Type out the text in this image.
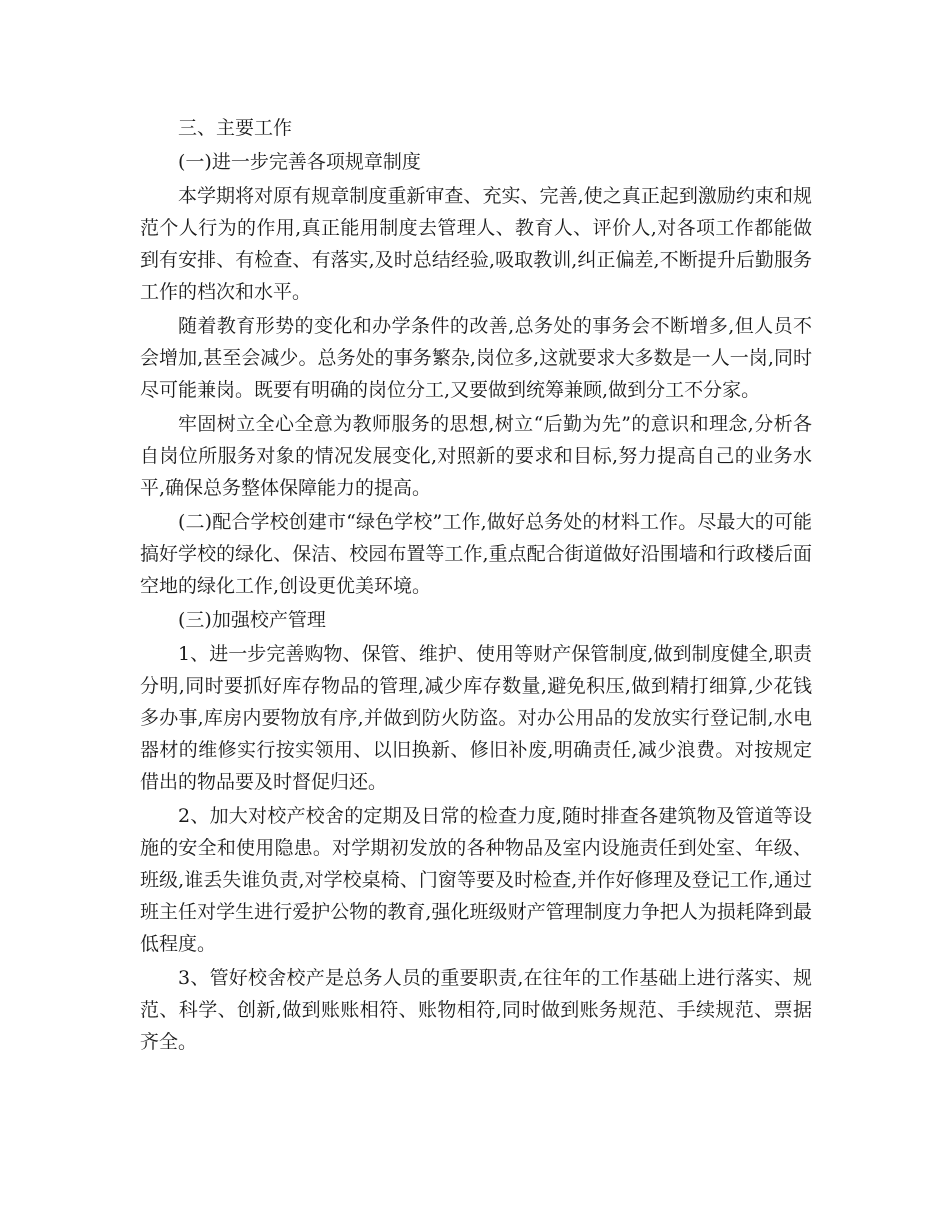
三、主要工作

(一)进一步完善各项规章制度

本学期将对原有规章制度重新审查、充实、完善,使之真正起到激励约束和规范个人行为的作用,真正能用制度去管理人、教育人、评价人,对各项工作都能做到有安排、有检查、有落实,及时总结经验,吸取教训,纠正偏差,不断提升后勤服务工作的档次和水平。

随着教育形势的变化和办学条件的改善,总务处的事务会不断增多,但人员不会增加,甚至会减少。总务处的事务繁杂,岗位多,这就要求大多数是一人一岗,同时尽可能兼岗。既要有明确的岗位分工,又要做到统筹兼顾,做到分工不分家。

牢固树立全心全意为教师服务的思想,树立“后勤为先”的意识和理念,分析各自岗位所服务对象的情况发展变化,对照新的要求和目标,努力提高自己的业务水平,确保总务整体保障能力的提高。

(二)配合学校创建市“绿色学校”工作,做好总务处的材料工作。尽最大的可能搞好学校的绿化、保洁、校园布置等工作,重点配合街道做好沿围墙和行政楼后面空地的绿化工作,创设更优美环境。

(三)加强校产管理

1、进一步完善购物、保管、维护、使用等财产保管制度,做到制度健全,职责分明,同时要抓好库存物品的管理,减少库存数量,避免积压,做到精打细算,少花钱多办事,库房内要物放有序,并做到防火防盗。对办公用品的发放实行登记制,水电器材的维修实行按实领用、以旧换新、修旧补废,明确责任,减少浪费。对按规定借出的物品要及时督促归还。

2、加大对校产校舍的定期及日常的检查力度,随时排查各建筑物及管道等设施的安全和使用隐患。对学期初发放的各种物品及室内设施责任到处室、年级、班级,谁丢失谁负责,对学校桌椅、门窗等要及时检查,并作好修理及登记工作,通过班主任对学生进行爱护公物的教育,强化班级财产管理制度力争把人为损耗降到最低程度。

3、管好校舍校产是总务人员的重要职责,在往年的工作基础上进行落实、规范、科学、创新,做到账账相符、账物相符,同时做到账务规范、手续规范、票据齐全。
